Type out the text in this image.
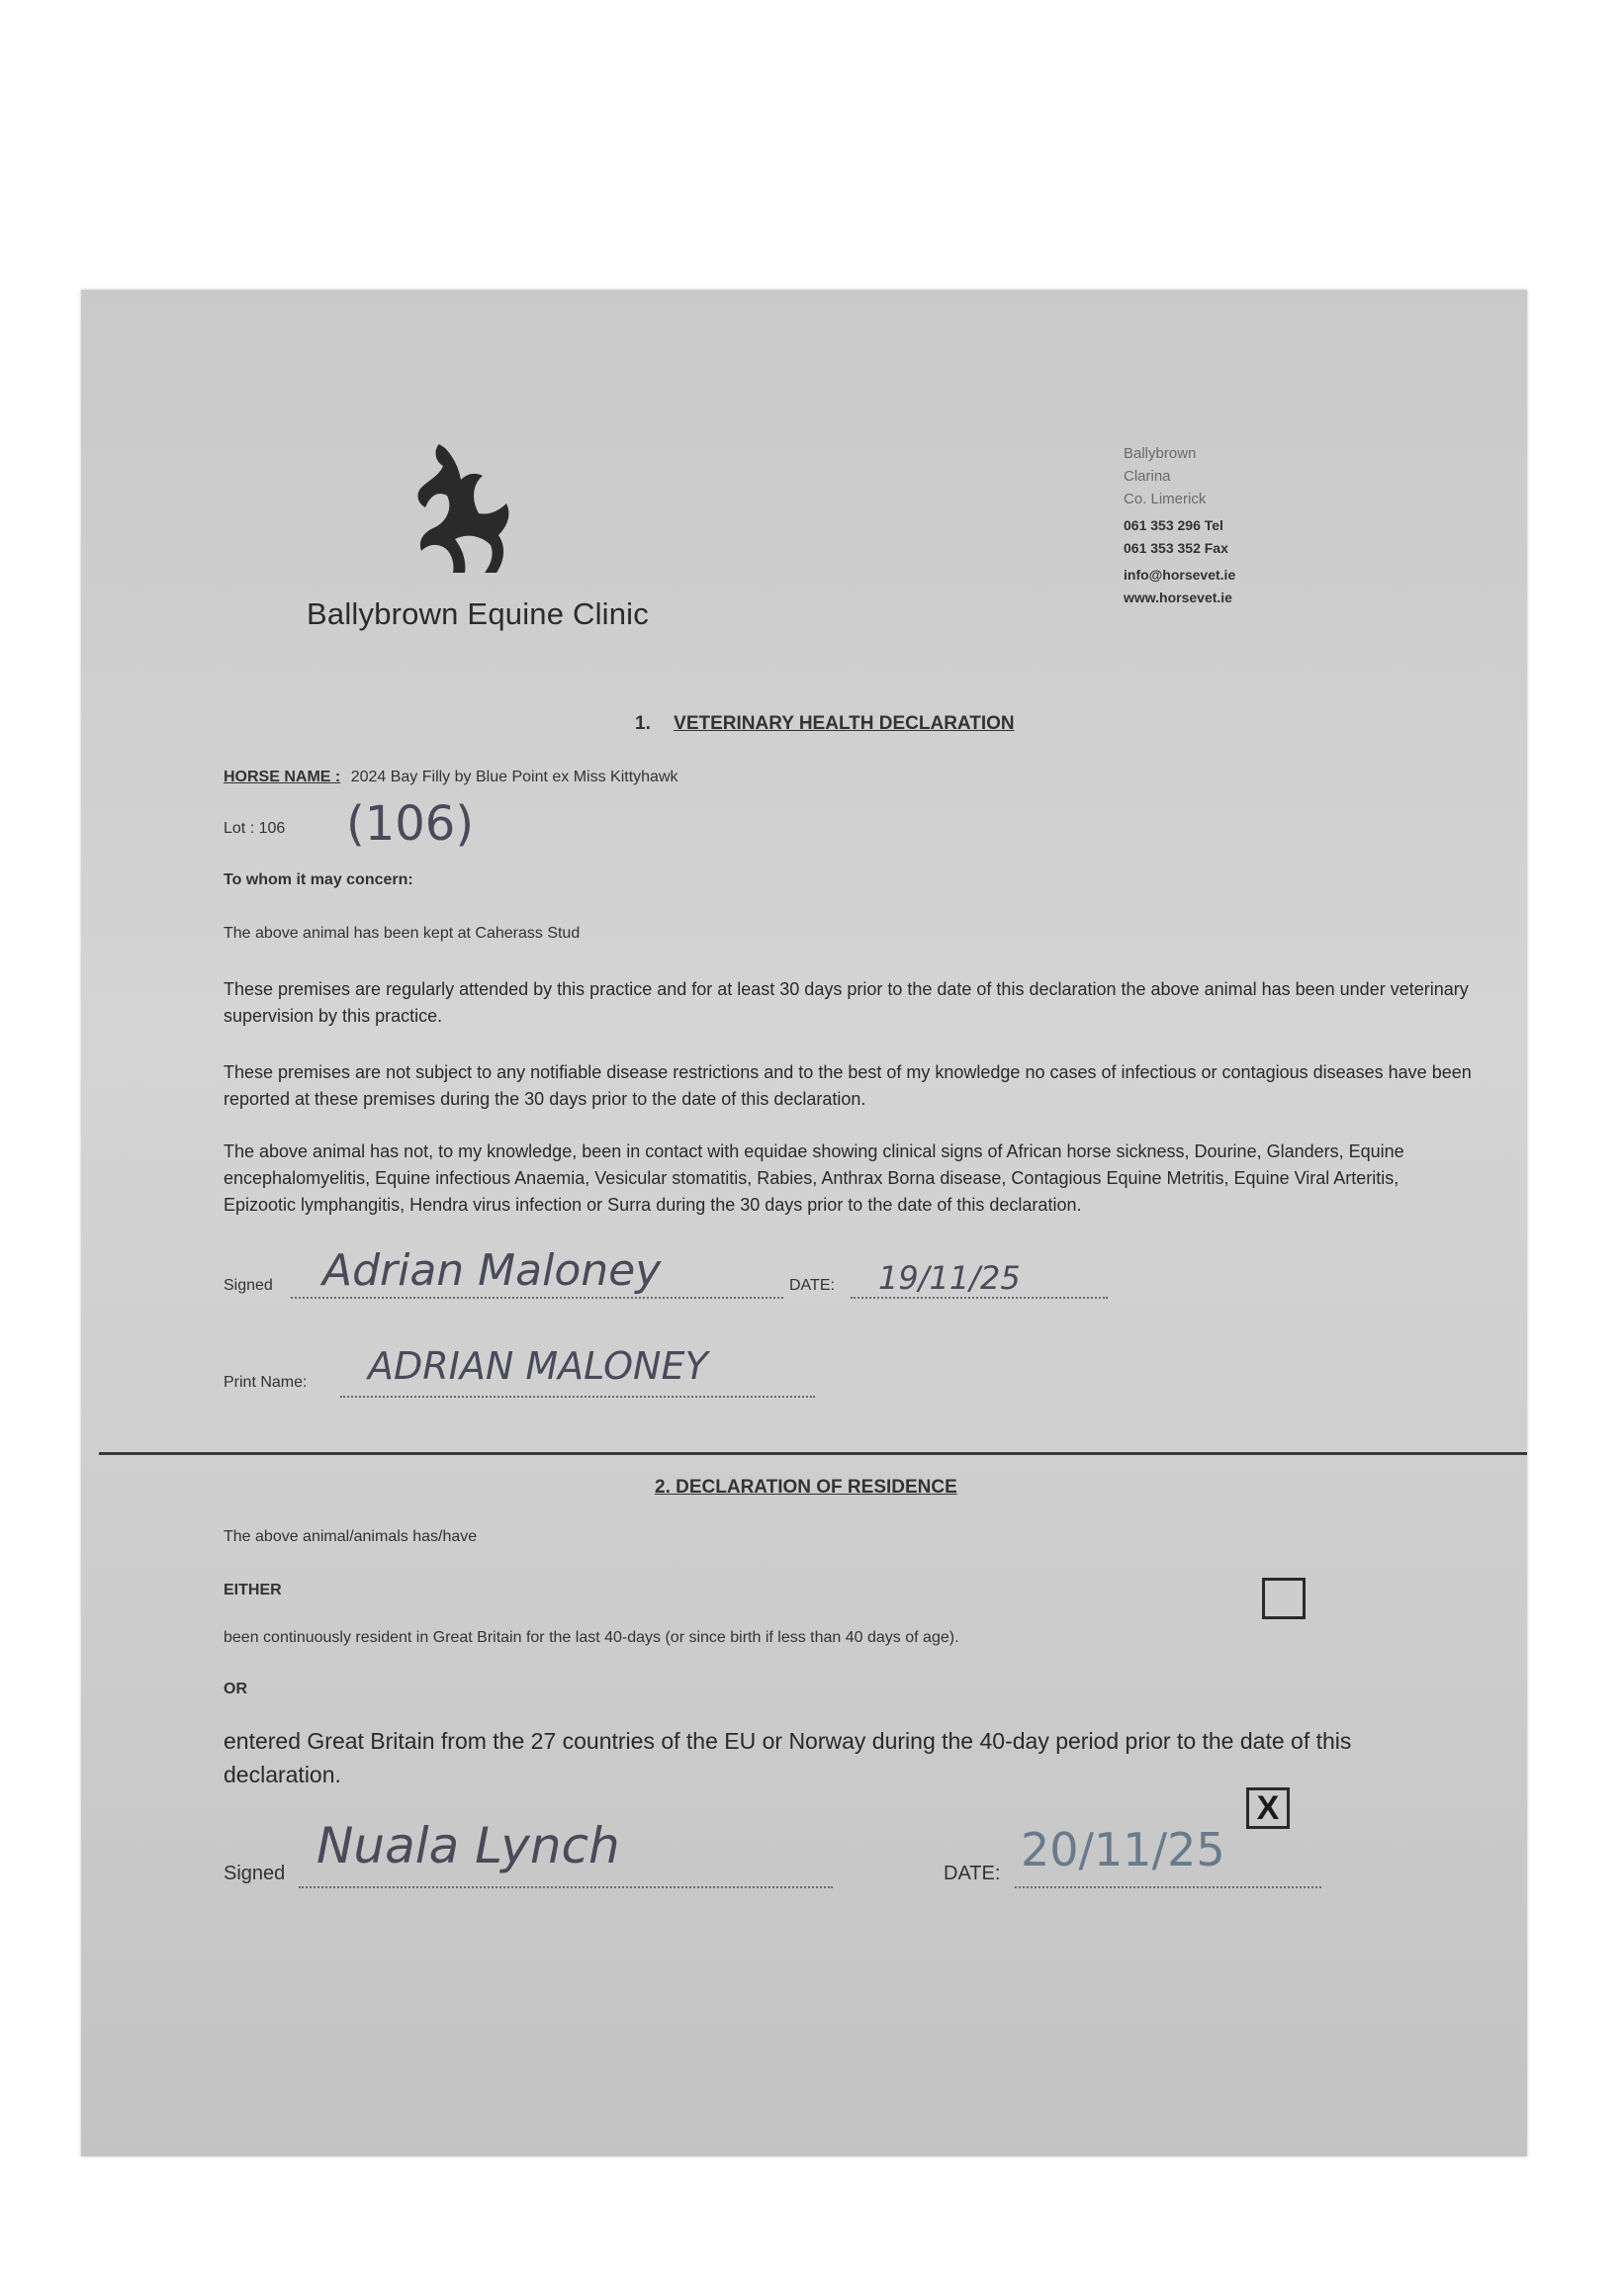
Ballybrown Equine Clinic
Ballybrown
Clarina
Co. Limerick
061 353 296 Tel
061 353 352 Fax
info@horsevet.ie
www.horsevet.ie
1. VETERINARY HEALTH DECLARATION
HORSE NAME : 2024 Bay Filly by Blue Point ex Miss Kittyhawk
Lot : 106 (106)
To whom it may concern:
The above animal has been kept at Caherass Stud
These premises are regularly attended by this practice and for at least 30 days prior to the date of this declaration the above animal has been under veterinary supervision by this practice.
These premises are not subject to any notifiable disease restrictions and to the best of my knowledge no cases of infectious or contagious diseases have been reported at these premises during the 30 days prior to the date of this declaration.
The above animal has not, to my knowledge, been in contact with equidae showing clinical signs of African horse sickness, Dourine, Glanders, Equine encephalomyelitis, Equine infectious Anaemia, Vesicular stomatitis, Rabies, Anthrax Borna disease, Contagious Equine Metritis, Equine Viral Arteritis, Epizootic lymphangitis, Hendra virus infection or Surra during the 30 days prior to the date of this declaration.
Signed Adrian Maloney	DATE: 19/11/25
Print Name: ADRIAN MALONEY
2. DECLARATION OF RESIDENCE
The above animal/animals has/have
EITHER
been continuously resident in Great Britain for the last 40-days (or since birth if less than 40 days of age).
OR
entered Great Britain from the 27 countries of the EU or Norway during the 40-day period prior to the date of this declaration.
X
Signed Nuala Lynch	DATE: 20/11/25
